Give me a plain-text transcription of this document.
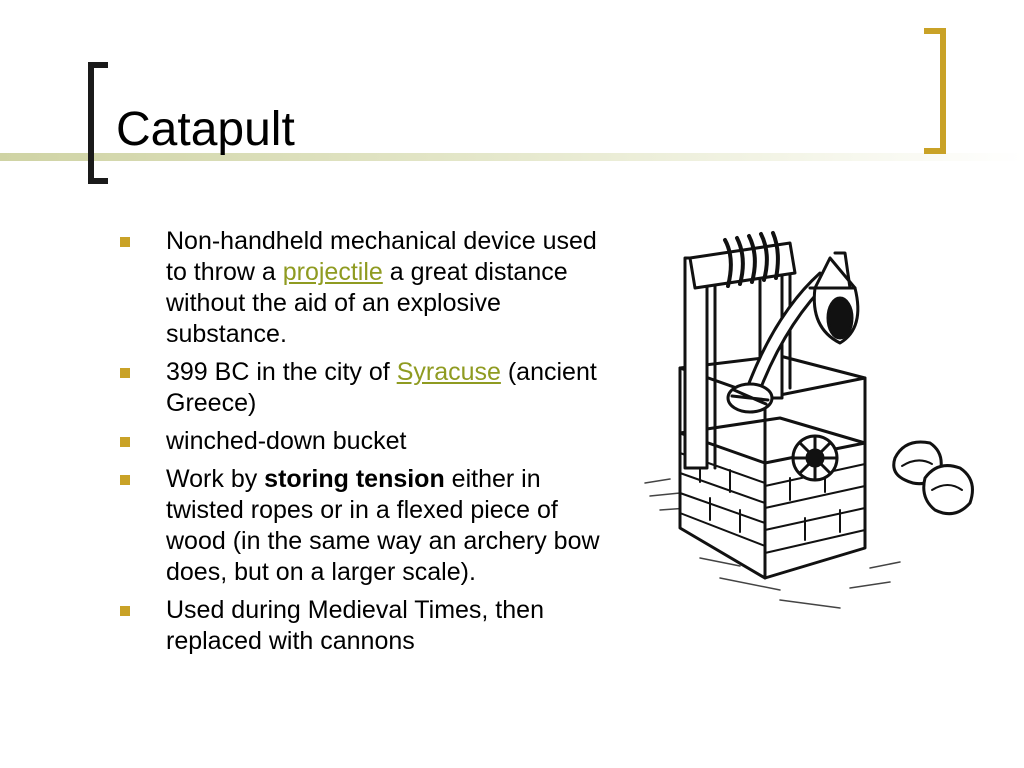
Catapult
Non-handheld mechanical device used to throw a projectile a great distance without the aid of an explosive substance.
399 BC in the city of Syracuse (ancient Greece)
winched-down bucket
Work by storing tension either in twisted ropes or in a flexed piece of wood (in the same way an archery bow does, but on a larger scale).
Used during Medieval Times, then replaced with cannons
